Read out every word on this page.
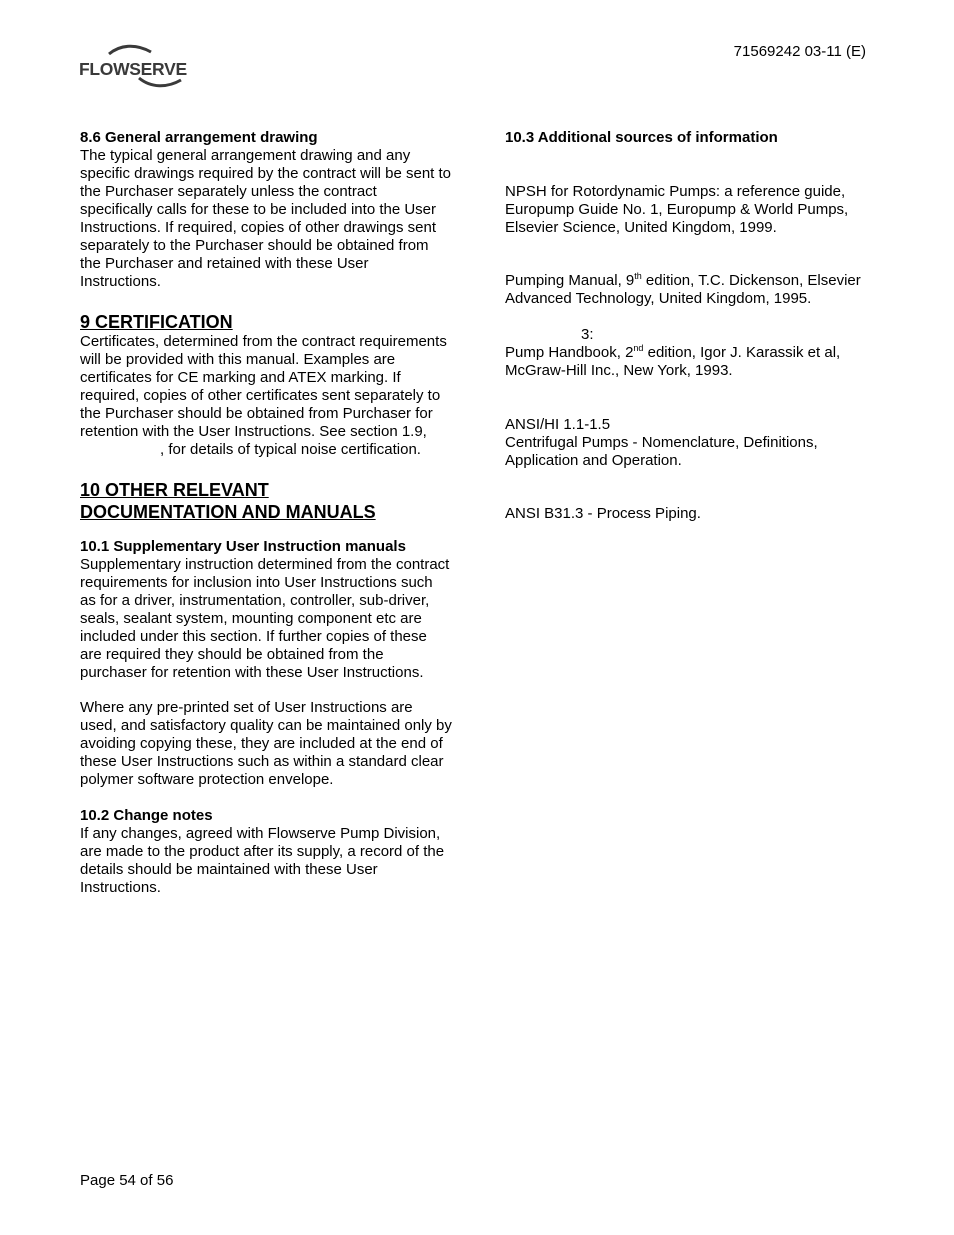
FLOWSERVE
71569242 03-11 (E)

8.6 General arrangement drawing

The typical general arrangement drawing and any specific drawings required by the contract will be sent to the Purchaser separately unless the contract specifically calls for these to be included into the User Instructions. If required, copies of other drawings sent separately to the Purchaser should be obtained from the Purchaser and retained with these User Instructions.

9 CERTIFICATION

Certificates, determined from the contract requirements will be provided with this manual. Examples are certificates for CE marking and ATEX marking. If required, copies of other certificates sent separately to the Purchaser should be obtained from Purchaser for retention with the User Instructions. See section 1.9,, for details of typical noise certification.

10 OTHER RELEVANT

DOCUMENTATION AND MANUALS

10.1 Supplementary User Instruction manuals

Supplementary instruction determined from the contract requirements for inclusion into User Instructions such as for a driver, instrumentation, controller, sub-driver, seals, sealant system, mounting component etc are included under this section. If further copies of these are required they should be obtained from the purchaser for retention with these User Instructions.

Where any pre-printed set of User Instructions are used, and satisfactory quality can be maintained only by avoiding copying these, they are included at the end of these User Instructions such as within a standard clear polymer software protection envelope.

10.2 Change notes

If any changes, agreed with Flowserve Pump Division, are made to the product after its supply, a record of the details should be maintained with these User Instructions.

10.3 Additional sources of information

NPSH for Rotordynamic Pumps: a reference guide, Europump Guide No. 1, Europump & World Pumps, Elsevier Science, United Kingdom, 1999.

Pumping Manual, 9th edition, T.C. Dickenson, Elsevier Advanced Technology, United Kingdom, 1995.

3:

Pump Handbook, 2nd edition, Igor J. Karassik et al, McGraw-Hill Inc., New York, 1993.

ANSI/HI 1.1-1.5

Centrifugal Pumps - Nomenclature, Definitions, Application and Operation.

ANSI B31.3 - Process Piping.

Page 54 of 56
